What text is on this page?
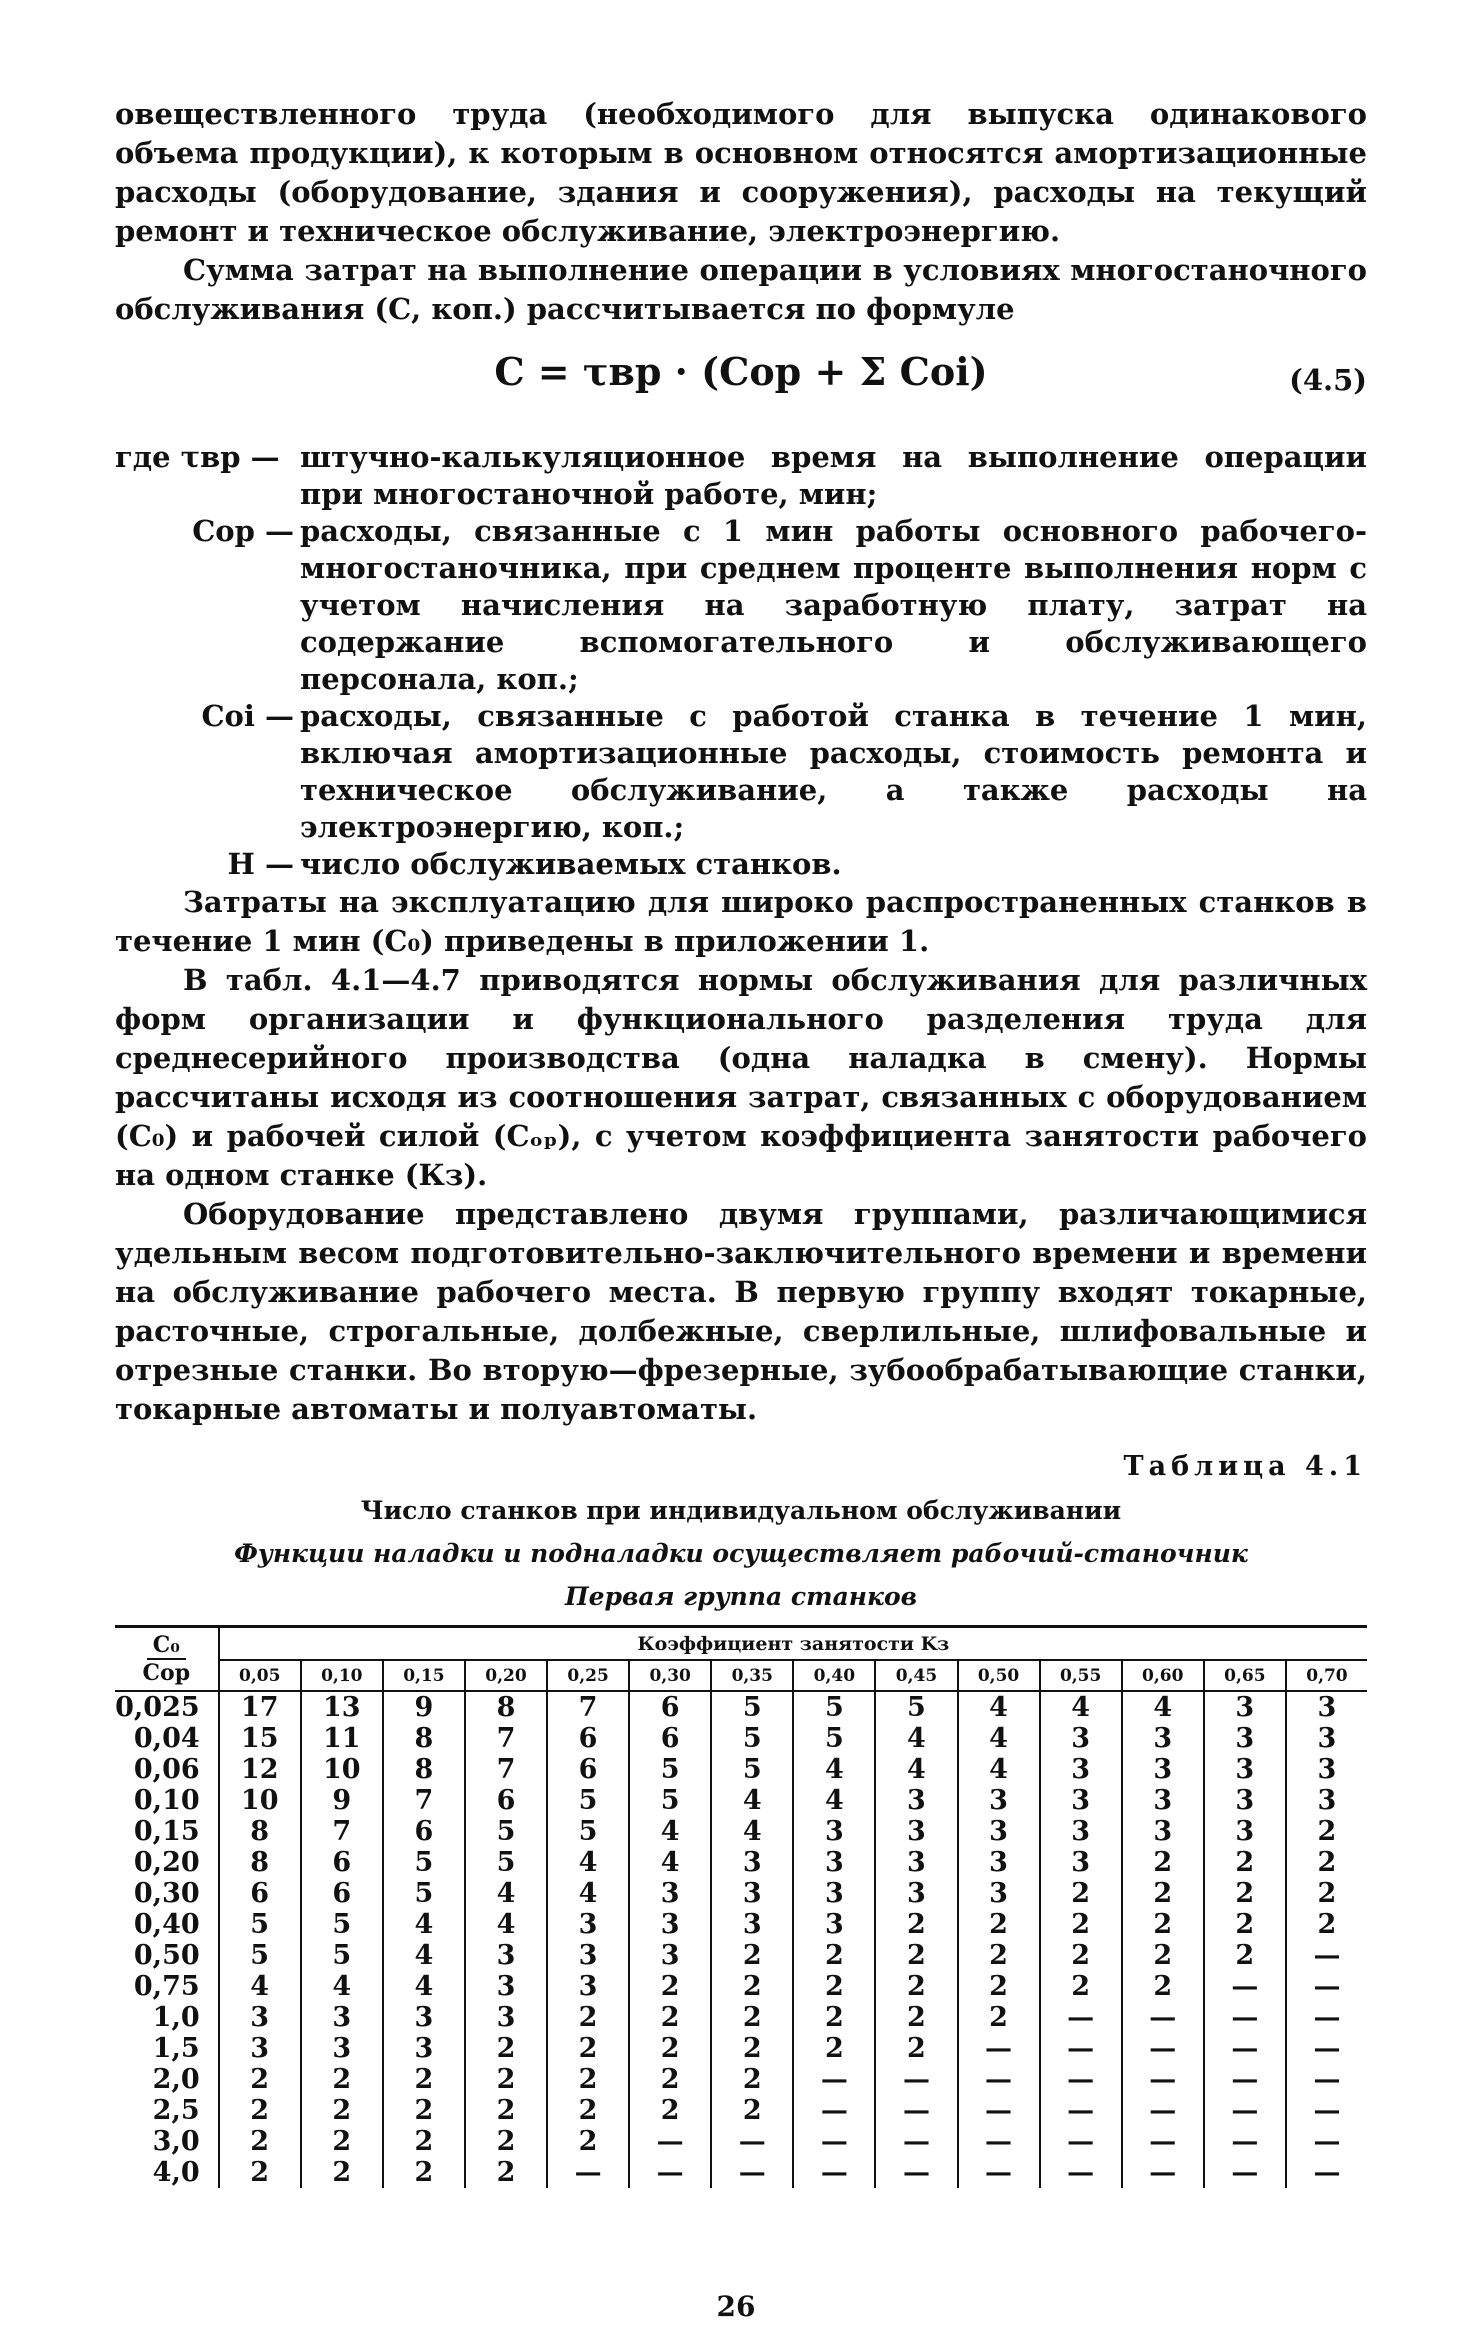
овеществленного труда (необходимого для выпуска одинакового объема продукции), к которым в основном относятся амортизационные расходы (оборудование, здания и сооружения), расходы на текущий ремонт и техническое обслуживание, электроэнергию.

Сумма затрат на выполнение операции в условиях многостаночного обслуживания (С, коп.) рассчитывается по формуле

C = τвр · (Cор + Σ Cоi)	(4.5)
где τвр — штучно-калькуляционное время на выполнение операции при многостаночной работе, мин;
Сор — расходы, связанные с 1 мин работы основного рабочего-многостаночника, при среднем проценте выполнения норм с учетом начисления на заработную плату, затрат на содержание вспомогательного и обслуживающего персонала, коп.;
Соi — расходы, связанные с работой станка в течение 1 мин, включая амортизационные расходы, стоимость ремонта и техническое обслуживание, а также расходы на электроэнергию, коп.;
Н — число обслуживаемых станков.

Затраты на эксплуатацию для широко распространенных станков в течение 1 мин (С₀) приведены в приложении 1.

В табл. 4.1—4.7 приводятся нормы обслуживания для различных форм организации и функционального разделения труда для среднесерийного производства (одна наладка в смену). Нормы рассчитаны исходя из соотношения затрат, связанных с оборудованием (С₀) и рабочей силой (Сₒₚ), с учетом коэффициента занятости рабочего на одном станке (Кз).

Оборудование представлено двумя группами, различающимися удельным весом подготовительно-заключительного времени и времени на обслуживание рабочего места. В первую группу входят токарные, расточные, строгальные, долбежные, сверлильные, шлифовальные и отрезные станки. Во вторую—фрезерные, зубообрабатывающие станки, токарные автоматы и полуавтоматы.

Таблица 4.1
Число станков при индивидуальном обслуживании
Функции наладки и подналадки осуществляет рабочий-станочник
Первая группа станков
C₀
Cор	Коэффициент занятости Kз													
	0,05	0,10	0,15	0,20	0,25	0,30	0,35	0,40	0,45	0,50	0,55	0,60	0,65	0,70
0,025	17	13	9	8	7	6	5	5	5	4	4	4	3	3
0,04	15	11	8	7	6	6	5	5	4	4	3	3	3	3
0,06	12	10	8	7	6	5	5	4	4	4	3	3	3	3
0,10	10	9	7	6	5	5	4	4	3	3	3	3	3	3
0,15	8	7	6	5	5	4	4	3	3	3	3	3	3	2
0,20	8	6	5	5	4	4	3	3	3	3	3	2	2	2
0,30	6	6	5	4	4	3	3	3	3	3	2	2	2	2
0,40	5	5	4	4	3	3	3	3	2	2	2	2	2	2
0,50	5	5	4	3	3	3	2	2	2	2	2	2	2	—
0,75	4	4	4	3	3	2	2	2	2	2	2	2	—	—
1,0	3	3	3	3	2	2	2	2	2	2	—	—	—	—
1,5	3	3	3	2	2	2	2	2	2	—	—	—	—	—
2,0	2	2	2	2	2	2	2	—	—	—	—	—	—	—
2,5	2	2	2	2	2	2	2	—	—	—	—	—	—	—
3,0	2	2	2	2	2	—	—	—	—	—	—	—	—	—
4,0	2	2	2	2	—	—	—	—	—	—	—	—	—	—
26
